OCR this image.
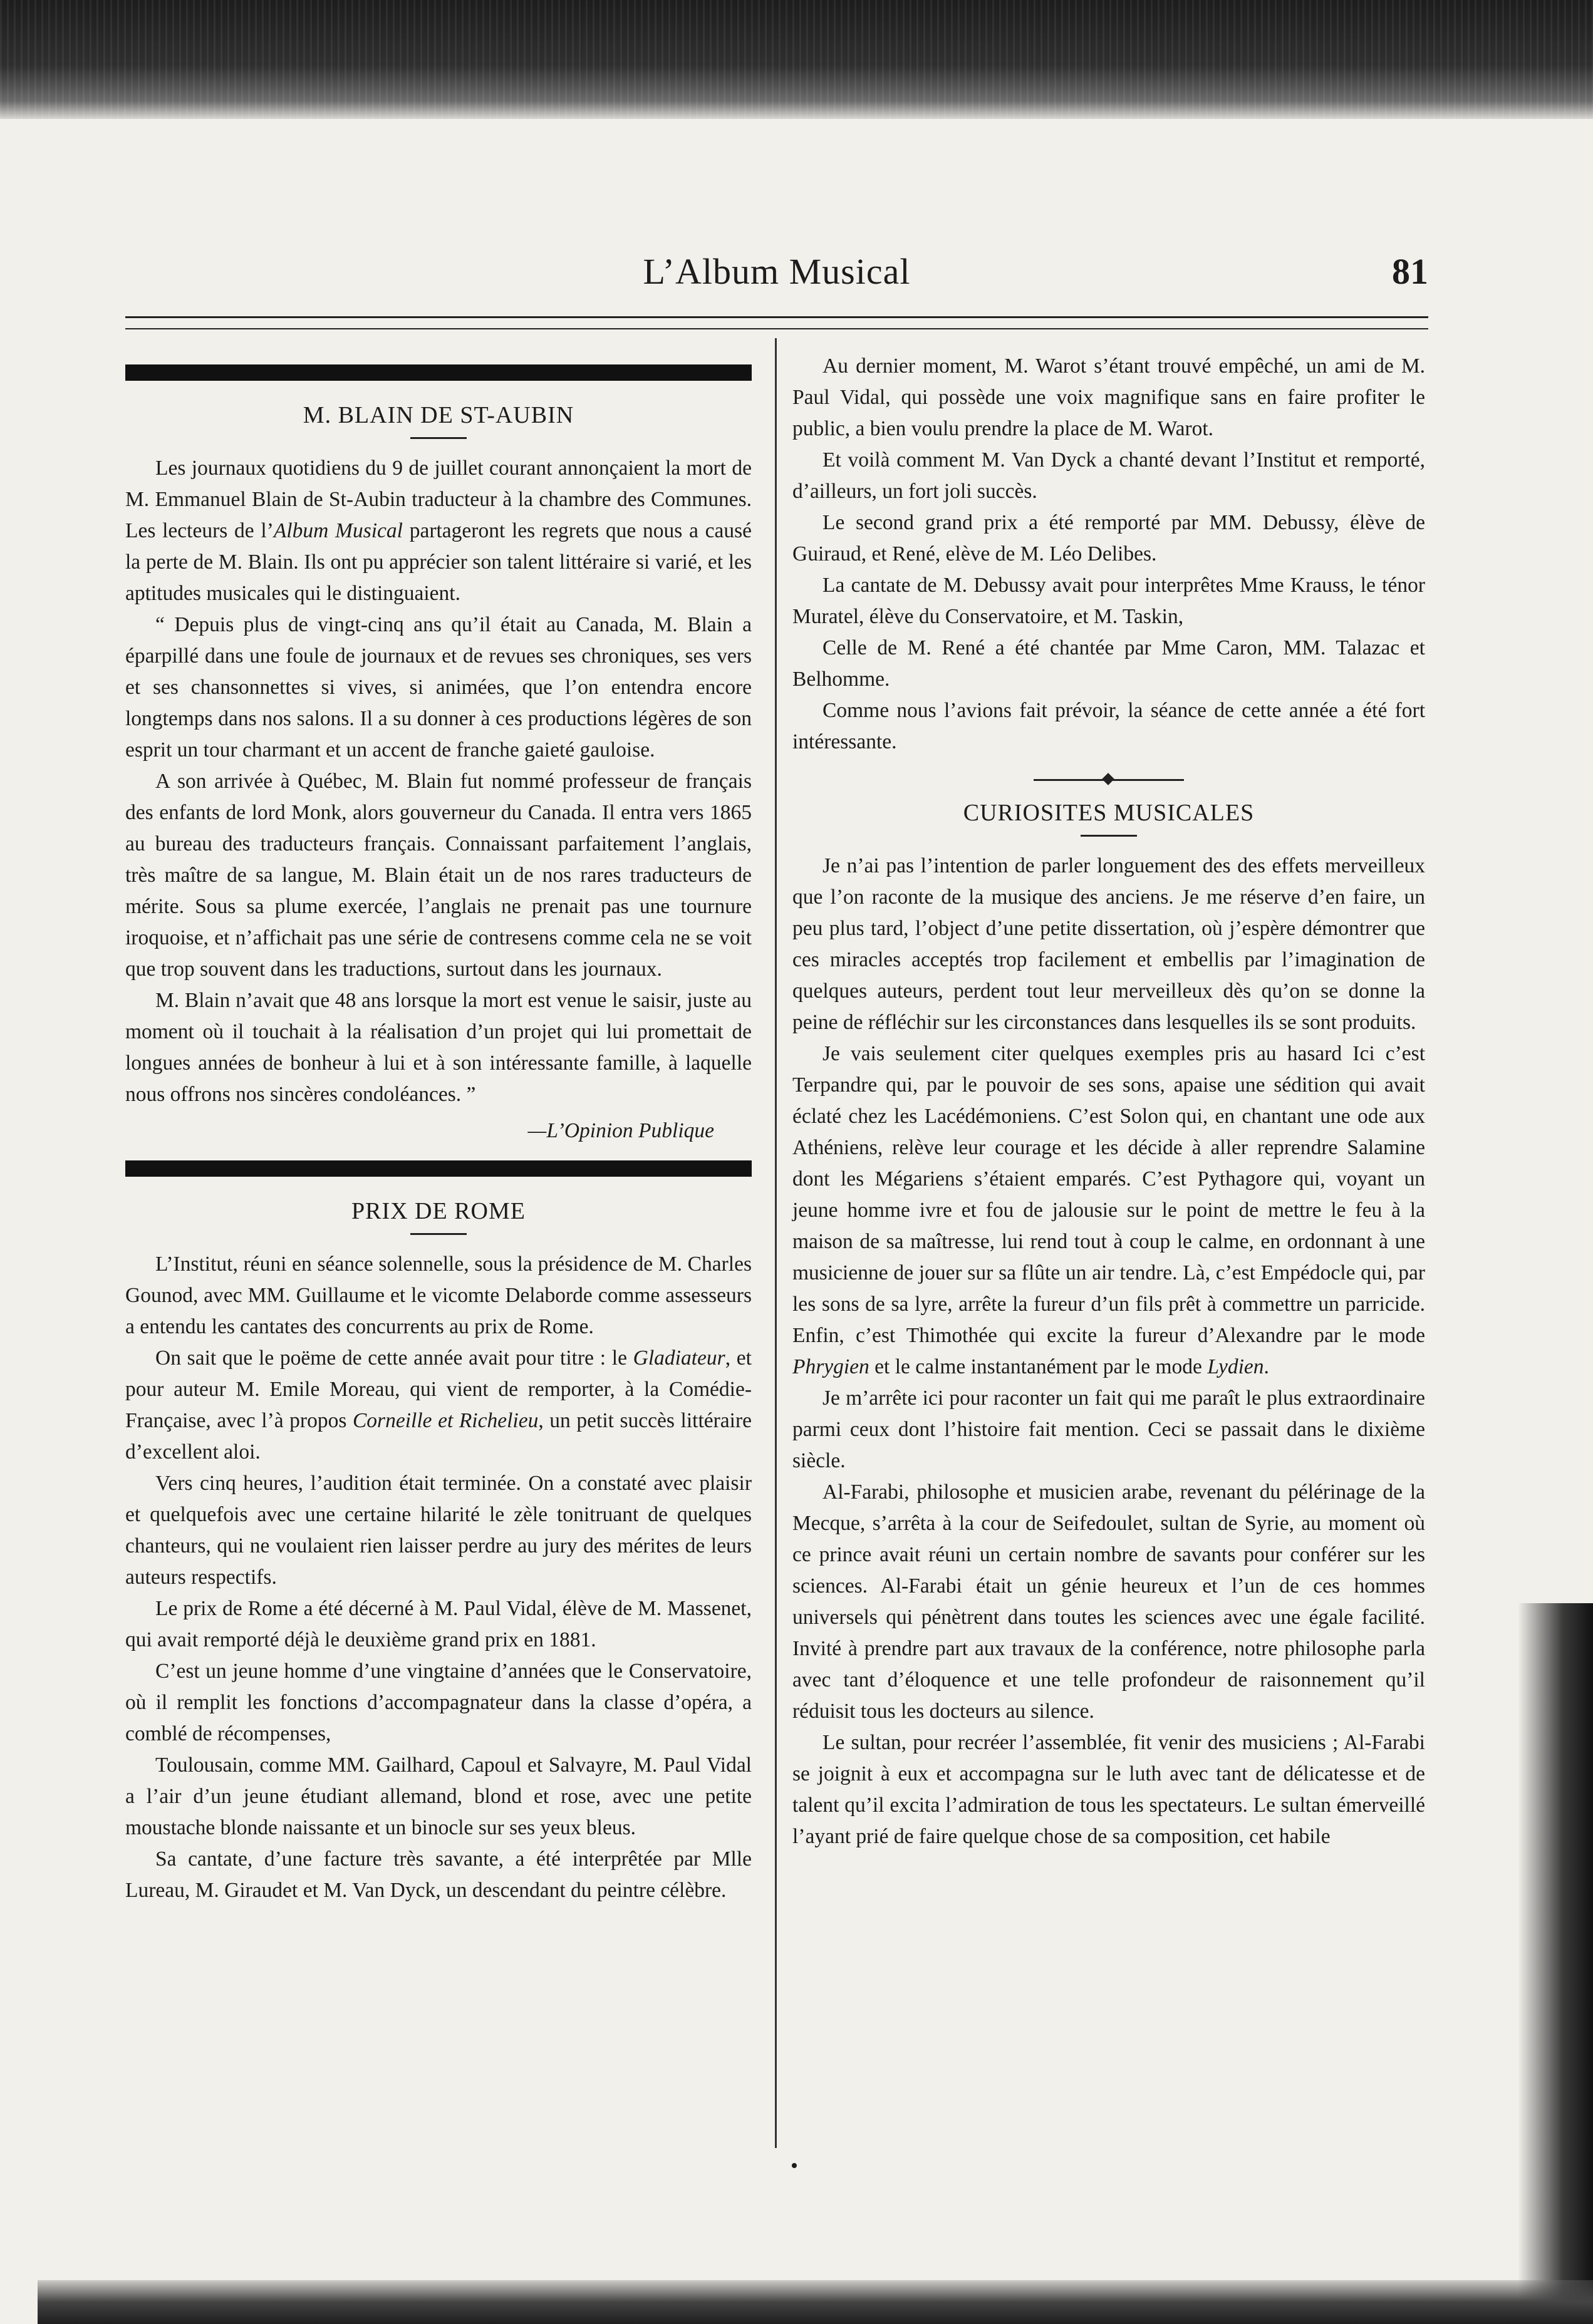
L’Album Musical	81
M. BLAIN DE ST-AUBIN

Les journaux quotidiens du 9 de juillet courant annonçaient la mort de M. Emmanuel Blain de St-Aubin traducteur à la chambre des Communes. Les lecteurs de l’Album Musical partageront les regrets que nous a causé la perte de M. Blain. Ils ont pu apprécier son talent littéraire si varié, et les aptitudes musicales qui le distinguaient.

“ Depuis plus de vingt-cinq ans qu’il était au Canada, M. Blain a éparpillé dans une foule de journaux et de revues ses chroniques, ses vers et ses chansonnettes si vives, si animées, que l’on entendra encore longtemps dans nos salons. Il a su donner à ces productions légères de son esprit un tour charmant et un accent de franche gaieté gauloise.

A son arrivée à Québec, M. Blain fut nommé professeur de français des enfants de lord Monk, alors gouverneur du Canada. Il entra vers 1865 au bureau des traducteurs français. Connaissant parfaitement l’anglais, très maître de sa langue, M. Blain était un de nos rares traducteurs de mérite. Sous sa plume exercée, l’anglais ne prenait pas une tournure iroquoise, et n’affichait pas une série de contresens comme cela ne se voit que trop souvent dans les traductions, surtout dans les journaux.

M. Blain n’avait que 48 ans lorsque la mort est venue le saisir, juste au moment où il touchait à la réalisation d’un projet qui lui promettait de longues années de bonheur à lui et à son intéressante famille, à laquelle nous offrons nos sincères condoléances. ”

—L’Opinion Publique
PRIX DE ROME

L’Institut, réuni en séance solennelle, sous la présidence de M. Charles Gounod, avec MM. Guillaume et le vicomte Delaborde comme assesseurs a entendu les cantates des concurrents au prix de Rome.

On sait que le poëme de cette année avait pour titre : le Gladiateur, et pour auteur M. Emile Moreau, qui vient de remporter, à la Comédie-Française, avec l’à propos Corneille et Richelieu, un petit succès littéraire d’excellent aloi.

Vers cinq heures, l’audition était terminée. On a constaté avec plaisir et quelquefois avec une certaine hilarité le zèle tonitruant de quelques chanteurs, qui ne voulaient rien laisser perdre au jury des mérites de leurs auteurs respectifs.

Le prix de Rome a été décerné à M. Paul Vidal, élève de M. Massenet, qui avait remporté déjà le deuxième grand prix en 1881.

C’est un jeune homme d’une vingtaine d’années que le Conservatoire, où il remplit les fonctions d’accompagnateur dans la classe d’opéra, a comblé de récompenses,

Toulousain, comme MM. Gailhard, Capoul et Salvayre, M. Paul Vidal a l’air d’un jeune étudiant allemand, blond et rose, avec une petite moustache blonde naissante et un binocle sur ses yeux bleus.

Sa cantate, d’une facture très savante, a été interprêtée par Mlle Lureau, M. Giraudet et M. Van Dyck, un descendant du peintre célèbre.

Au dernier moment, M. Warot s’étant trouvé empêché, un ami de M. Paul Vidal, qui possède une voix magnifique sans en faire profiter le public, a bien voulu prendre la place de M. Warot.

Et voilà comment M. Van Dyck a chanté devant l’Institut et remporté, d’ailleurs, un fort joli succès.

Le second grand prix a été remporté par MM. Debussy, élève de Guiraud, et René, elève de M. Léo Delibes.

La cantate de M. Debussy avait pour interprêtes Mme Krauss, le ténor Muratel, élève du Conservatoire, et M. Taskin,

Celle de M. René a été chantée par Mme Caron, MM. Talazac et Belhomme.

Comme nous l’avions fait prévoir, la séance de cette année a été fort intéressante.

CURIOSITES MUSICALES

Je n’ai pas l’intention de parler longuement des des effets merveilleux que l’on raconte de la musique des anciens. Je me réserve d’en faire, un peu plus tard, l’object d’une petite dissertation, où j’espère démontrer que ces miracles acceptés trop facilement et embellis par l’imagination de quelques auteurs, perdent tout leur merveilleux dès qu’on se donne la peine de réfléchir sur les circonstances dans lesquelles ils se sont produits.

Je vais seulement citer quelques exemples pris au hasard Ici c’est Terpandre qui, par le pouvoir de ses sons, apaise une sédition qui avait éclaté chez les Lacédémoniens. C’est Solon qui, en chantant une ode aux Athéniens, relève leur courage et les décide à aller reprendre Salamine dont les Mégariens s’étaient emparés. C’est Pythagore qui, voyant un jeune homme ivre et fou de jalousie sur le point de mettre le feu à la maison de sa maîtresse, lui rend tout à coup le calme, en ordonnant à une musicienne de jouer sur sa flûte un air tendre. Là, c’est Empédocle qui, par les sons de sa lyre, arrête la fureur d’un fils prêt à commettre un parricide. Enfin, c’est Thimothée qui excite la fureur d’Alexandre par le mode Phrygien et le calme instantanément par le mode Lydien.

Je m’arrête ici pour raconter un fait qui me paraît le plus extraordinaire parmi ceux dont l’histoire fait mention. Ceci se passait dans le dixième siècle.

Al-Farabi, philosophe et musicien arabe, revenant du pélérinage de la Mecque, s’arrêta à la cour de Seifedoulet, sultan de Syrie, au moment où ce prince avait réuni un certain nombre de savants pour conférer sur les sciences. Al-Farabi était un génie heureux et l’un de ces hommes universels qui pénètrent dans toutes les sciences avec une égale facilité. Invité à prendre part aux travaux de la conférence, notre philosophe parla avec tant d’éloquence et une telle profondeur de raisonnement qu’il réduisit tous les docteurs au silence.

Le sultan, pour recréer l’assemblée, fit venir des musiciens ; Al-Farabi se joignit à eux et accompagna sur le luth avec tant de délicatesse et de talent qu’il excita l’admiration de tous les spectateurs. Le sultan émerveillé l’ayant prié de faire quelque chose de sa composition, cet habile

•
